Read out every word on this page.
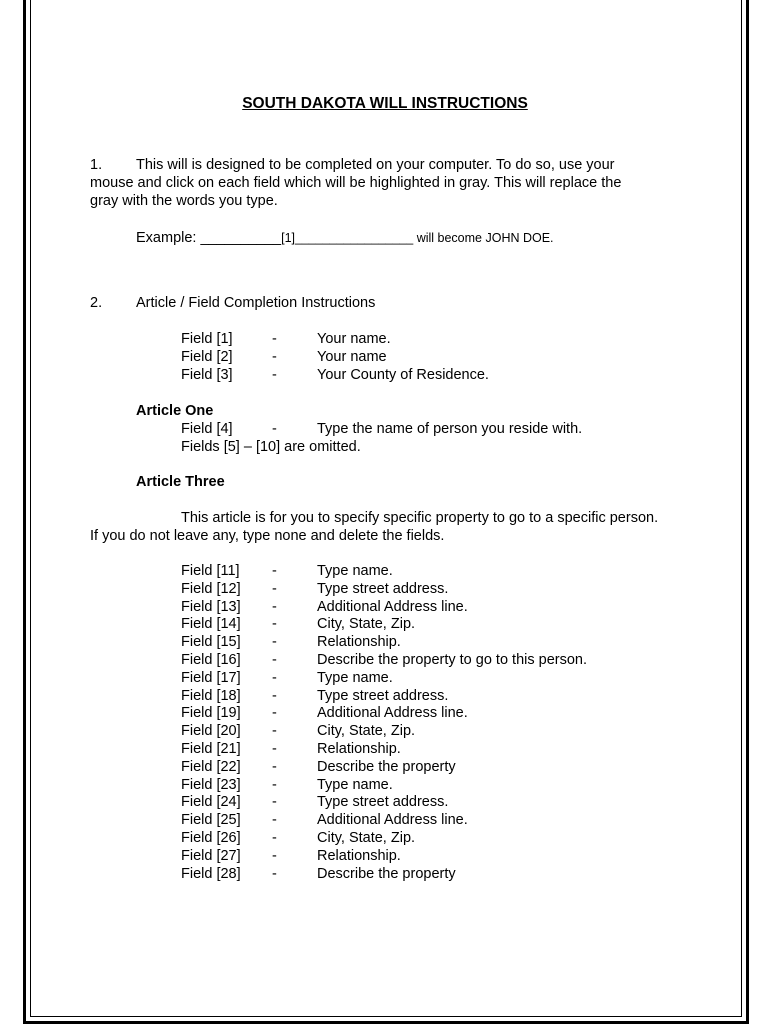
SOUTH DAKOTA WILL INSTRUCTIONS
1. This will is designed to be completed on your computer. To do so, use your
mouse and click on each field which will be highlighted in gray. This will replace the
gray with the words you type.
Example: __________[1]_________________ will become JOHN DOE.
2. Article / Field Completion Instructions
Field [1]	-	Your name.
Field [2]	-	Your name
Field [3]	-	Your County of Residence.
Article One
Field [4]	-	Type the name of person you reside with.
Fields [5] – [10] are omitted.
Article Three
This article is for you to specify specific property to go to a specific person.
If you do not leave any, type none and delete the fields.
Field [11] -	Type name.
Field [12] -	Type street address.
Field [13] -	Additional Address line.
Field [14] -	City, State, Zip.
Field [15] -	Relationship.
Field [16] -	Describe the property to go to this person.
Field [17] -	Type name.
Field [18] -	Type street address.
Field [19] -	Additional Address line.
Field [20] -	City, State, Zip.
Field [21] -	Relationship.
Field [22] -	Describe the property
Field [23] -	Type name.
Field [24] -	Type street address.
Field [25] -	Additional Address line.
Field [26] -	City, State, Zip.
Field [27] -	Relationship.
Field [28] -	Describe the property
